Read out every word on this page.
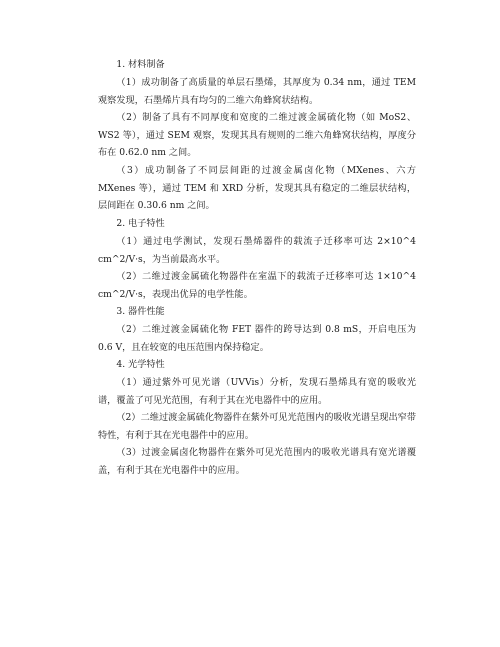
1. 材料制备

（1）成功制备了高质量的单层石墨烯，其厚度为 0.34 nm，通过 TEM 观察发现，石墨烯片具有均匀的二维六角蜂窝状结构。

（2）制备了具有不同厚度和宽度的二维过渡金属硫化物（如 MoS2、WS2 等），通过 SEM 观察，发现其具有规则的二维六角蜂窝状结构，厚度分布在 0.62.0 nm 之间。

（3）成功制备了不同层间距的过渡金属卤化物（MXenes、六方 MXenes 等），通过 TEM 和 XRD 分析，发现其具有稳定的二维层状结构，层间距在 0.30.6 nm 之间。

2. 电子特性

（1）通过电学测试，发现石墨烯器件的载流子迁移率可达 2×10^4 cm^2/V·s，为当前最高水平。

（2）二维过渡金属硫化物器件在室温下的载流子迁移率可达 1×10^4 cm^2/V·s，表现出优异的电学性能。

3. 器件性能

（2）二维过渡金属硫化物 FET 器件的跨导达到 0.8 mS，开启电压为 0.6 V，且在较宽的电压范围内保持稳定。

4. 光学特性

（1）通过紫外可见光谱（UVVis）分析，发现石墨烯具有宽的吸收光谱，覆盖了可见光范围，有利于其在光电器件中的应用。

（2）二维过渡金属硫化物器件在紫外可见光范围内的吸收光谱呈现出窄带特性，有利于其在光电器件中的应用。

（3）过渡金属卤化物器件在紫外可见光范围内的吸收光谱具有宽光谱覆盖，有利于其在光电器件中的应用。
